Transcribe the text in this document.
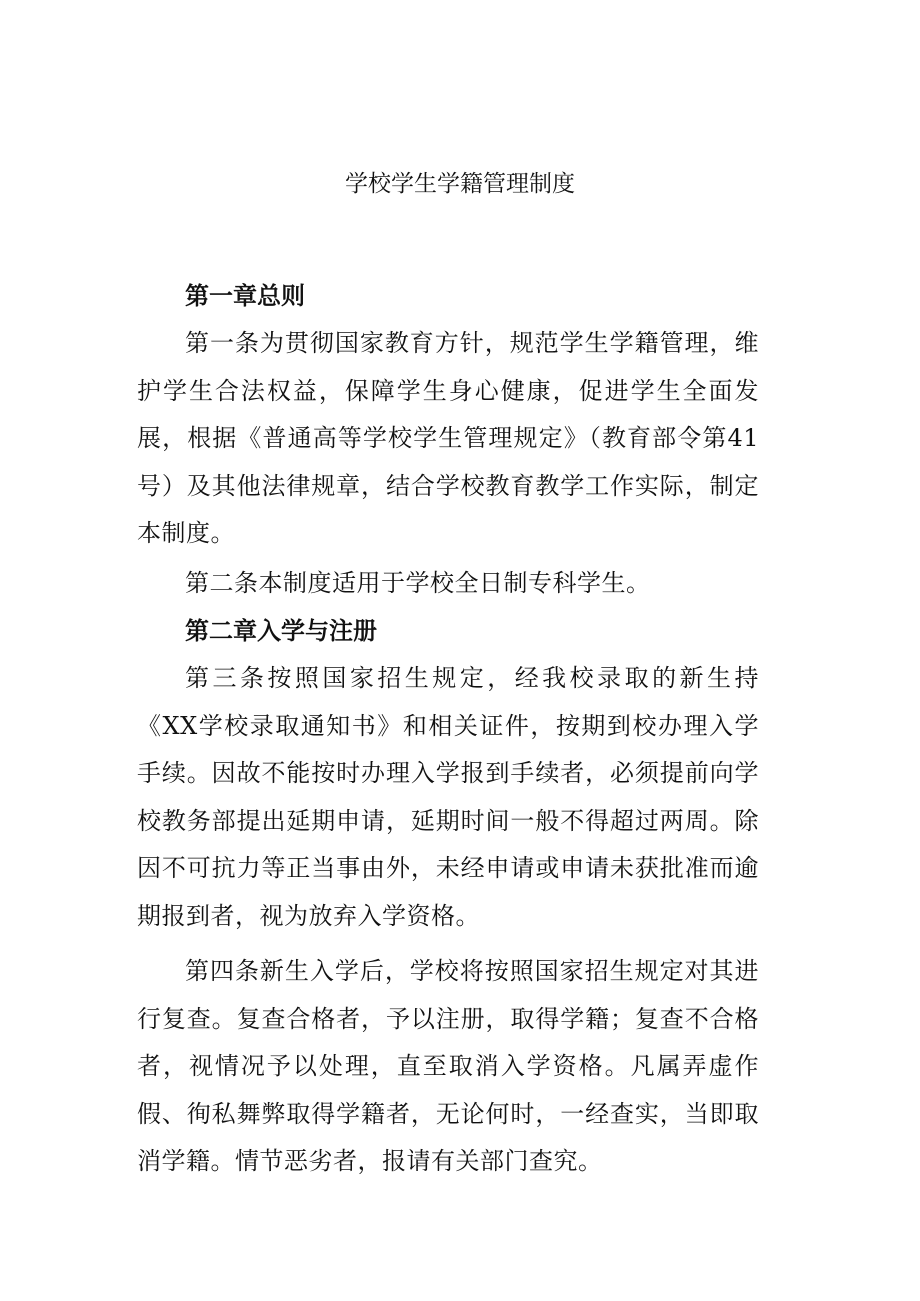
学校学生学籍管理制度
第一章总则

第一条为贯彻国家教育方针，规范学生学籍管理，维护学生合法权益，保障学生身心健康，促进学生全面发展，根据《普通高等学校学生管理规定》（教育部令第41号）及其他法律规章，结合学校教育教学工作实际，制定本制度。

第二条本制度适用于学校全日制专科学生。

第二章入学与注册

第三条按照国家招生规定，经我校录取的新生持《XX学校录取通知书》和相关证件，按期到校办理入学手续。因故不能按时办理入学报到手续者，必须提前向学校教务部提出延期申请，延期时间一般不得超过两周。除因不可抗力等正当事由外，未经申请或申请未获批准而逾期报到者，视为放弃入学资格。

第四条新生入学后，学校将按照国家招生规定对其进行复查。复查合格者，予以注册，取得学籍；复查不合格者，视情况予以处理，直至取消入学资格。凡属弄虚作假、徇私舞弊取得学籍者，无论何时，一经查实，当即取消学籍。情节恶劣者，报请有关部门查究。
